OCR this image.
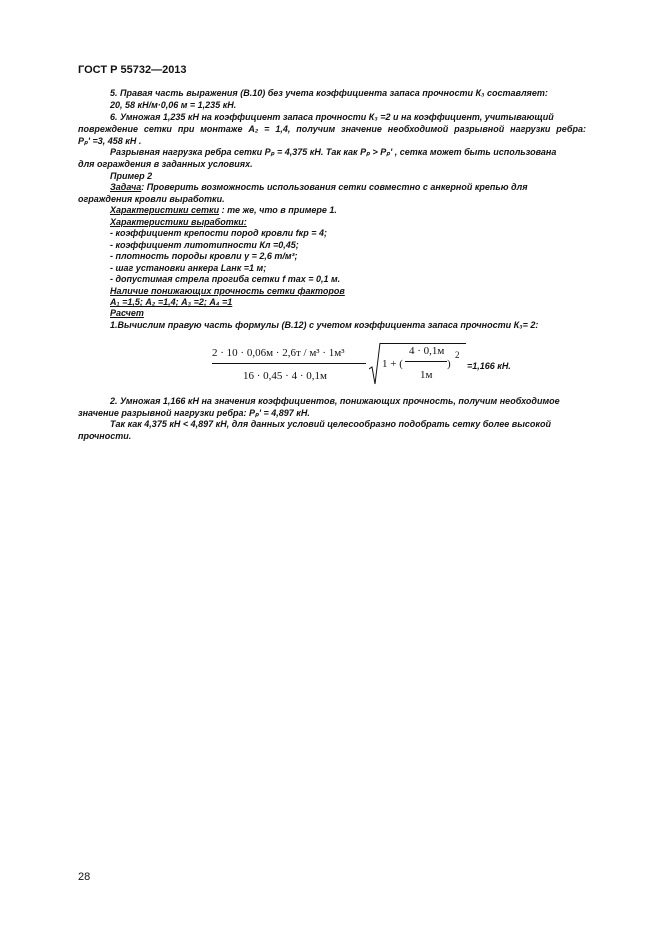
ГОСТ Р 55732—2013
5. Правая часть выражения (В.10) без учета коэффициента запаса прочности К₃ составляет:
20, 58 кН/м·0,06 м = 1,235 кН.
6. Умножая 1,235 кН на коэффициент запаса прочности К₃ =2 и на коэффициент, учитывающий
повреждение сетки при монтаже А₂ = 1,4, получим значение необходимой разрывной нагрузки ребра:
Pₚ' =3, 458 кН .
Разрывная нагрузка ребра сетки Pₚ = 4,375 кН. Так как Pₚ > Pₚ' , сетка может быть использована
для ограждения в заданных условиях.
Пример 2
Задача: Проверить возможность использования сетки совместно с анкерной крепью для
ограждения кровли выработки.
Характеристики сетки : те же, что в примере 1.
Характеристики выработки:
- коэффициент крепости пород кровли fкр = 4;
- коэффициент литотипности Кл =0,45;
- плотность породы кровли γ = 2,6 т/м³;
- шаг установки анкера Lанк =1 м;
- допустимая стрела прогиба сетки f max = 0,1 м.
Наличие понижающих прочность сетки факторов
А₁ =1,5; А₂ =1,4; А₃ =2; А₄ =1
Расчет
1.Вычислим правую часть формулы (В.12) с учетом коэффициента запаса прочности К₃= 2:
2 · 10 · 0,06м · 2,6т / м³ · 1м³
16 · 0,45 · 4 · 0,1м
1 + (
4 · 0,1м
1м
)
2
=1,166 кН.
2. Умножая 1,166 кН на значения коэффициентов, понижающих прочность, получим необходимое
значение разрывной нагрузки ребра: Pₚ' = 4,897 кН.
Так как 4,375 кН < 4,897 кН, для данных условий целесообразно подобрать сетку более высокой
прочности.
28
